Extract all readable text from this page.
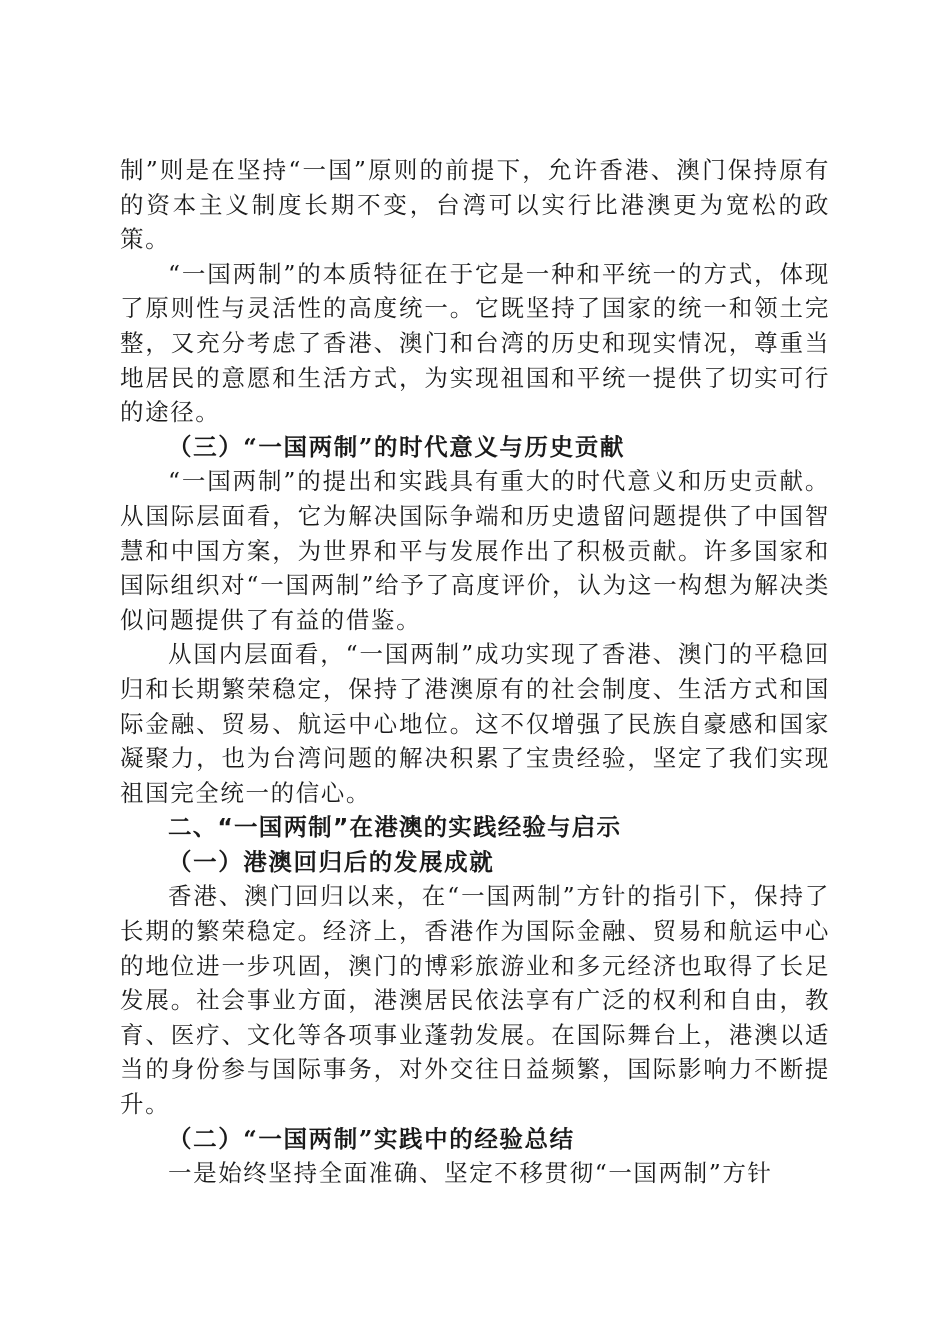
制”则是在坚持“一国”原则的前提下，允许香港、澳门保持原有的资本主义制度长期不变，台湾可以实行比港澳更为宽松的政策。

“一国两制”的本质特征在于它是一种和平统一的方式，体现了原则性与灵活性的高度统一。它既坚持了国家的统一和领土完整，又充分考虑了香港、澳门和台湾的历史和现实情况，尊重当地居民的意愿和生活方式，为实现祖国和平统一提供了切实可行的途径。

（三）“一国两制”的时代意义与历史贡献

“一国两制”的提出和实践具有重大的时代意义和历史贡献。从国际层面看，它为解决国际争端和历史遗留问题提供了中国智慧和中国方案，为世界和平与发展作出了积极贡献。许多国家和国际组织对“一国两制”给予了高度评价，认为这一构想为解决类似问题提供了有益的借鉴。

从国内层面看，“一国两制”成功实现了香港、澳门的平稳回归和长期繁荣稳定，保持了港澳原有的社会制度、生活方式和国际金融、贸易、航运中心地位。这不仅增强了民族自豪感和国家凝聚力，也为台湾问题的解决积累了宝贵经验，坚定了我们实现祖国完全统一的信心。

二、“一国两制”在港澳的实践经验与启示

（一）港澳回归后的发展成就

香港、澳门回归以来，在“一国两制”方针的指引下，保持了长期的繁荣稳定。经济上，香港作为国际金融、贸易和航运中心的地位进一步巩固，澳门的博彩旅游业和多元经济也取得了长足发展。社会事业方面，港澳居民依法享有广泛的权利和自由，教育、医疗、文化等各项事业蓬勃发展。在国际舞台上，港澳以适当的身份参与国际事务，对外交往日益频繁，国际影响力不断提升。

（二）“一国两制”实践中的经验总结

一是始终坚持全面准确、坚定不移贯彻“一国两制”方针
